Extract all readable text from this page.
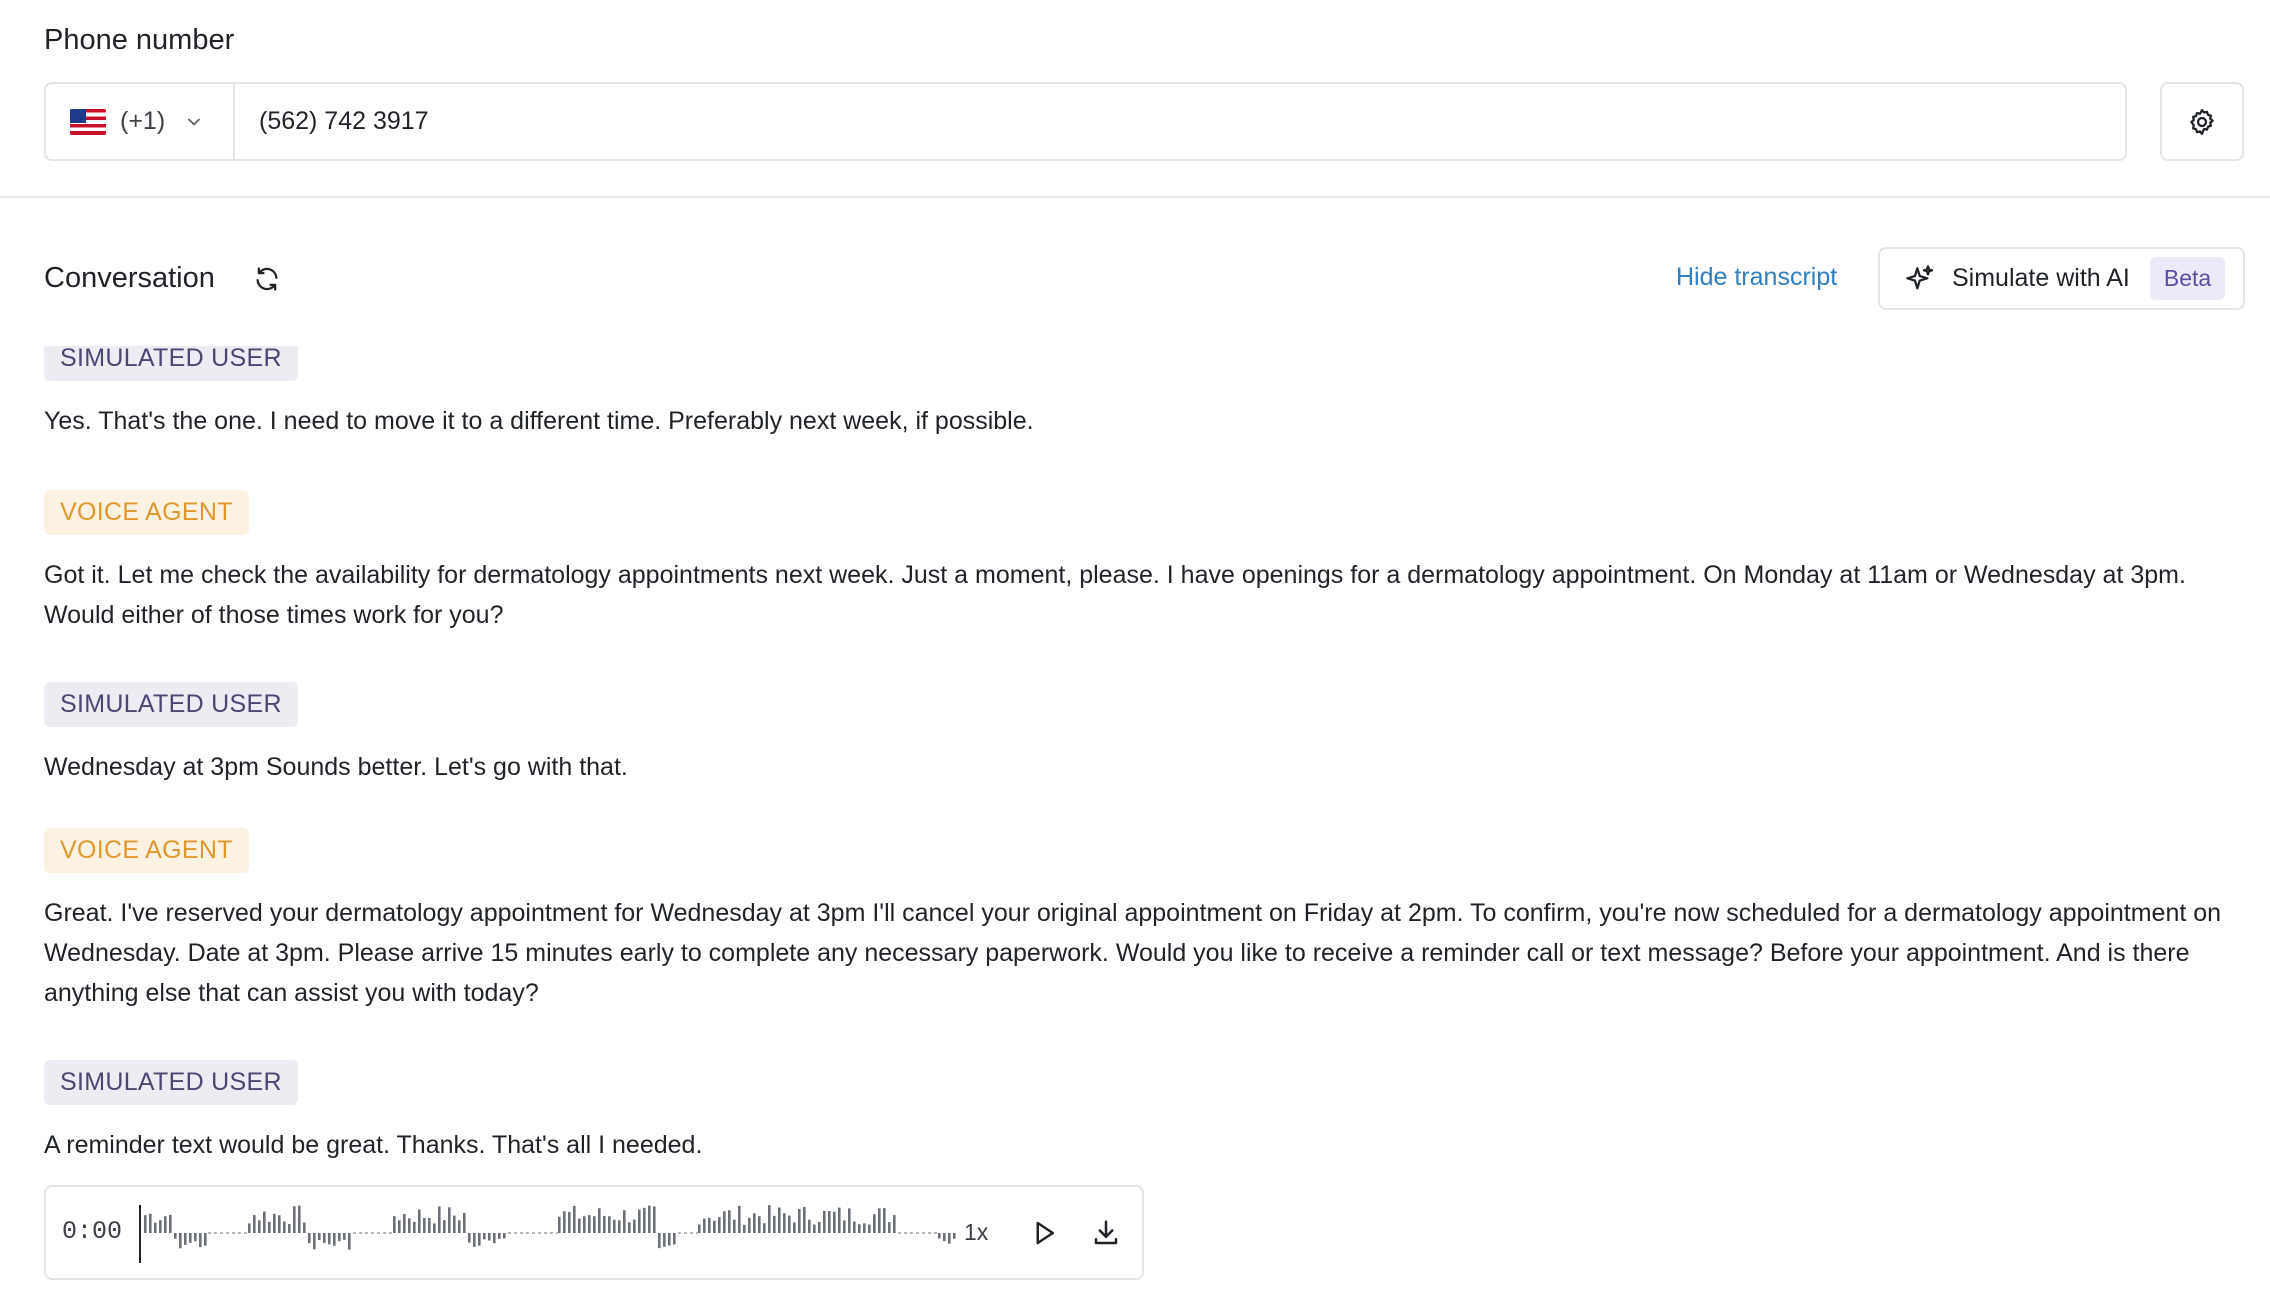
Phone number
(+1)
(562) 742 3917
Conversation	Hide transcript	Simulate with AI	Beta
SIMULATED USER
Yes. That's the one. I need to move it to a different time. Preferably next week, if possible.
VOICE AGENT
Got it. Let me check the availability for dermatology appointments next week. Just a moment, please. I have openings for a dermatology appointment. On Monday at 11am or Wednesday at 3pm. Would either of those times work for you?
SIMULATED USER
Wednesday at 3pm Sounds better. Let's go with that.
VOICE AGENT
Great. I've reserved your dermatology appointment for Wednesday at 3pm I'll cancel your original appointment on Friday at 2pm. To confirm, you're now scheduled for a dermatology appointment on Wednesday. Date at 3pm. Please arrive 15 minutes early to complete any necessary paperwork. Would you like to receive a reminder call or text message? Before your appointment. And is there anything else that can assist you with today?
SIMULATED USER
A reminder text would be great. Thanks. That's all I needed.
0:00	1x
